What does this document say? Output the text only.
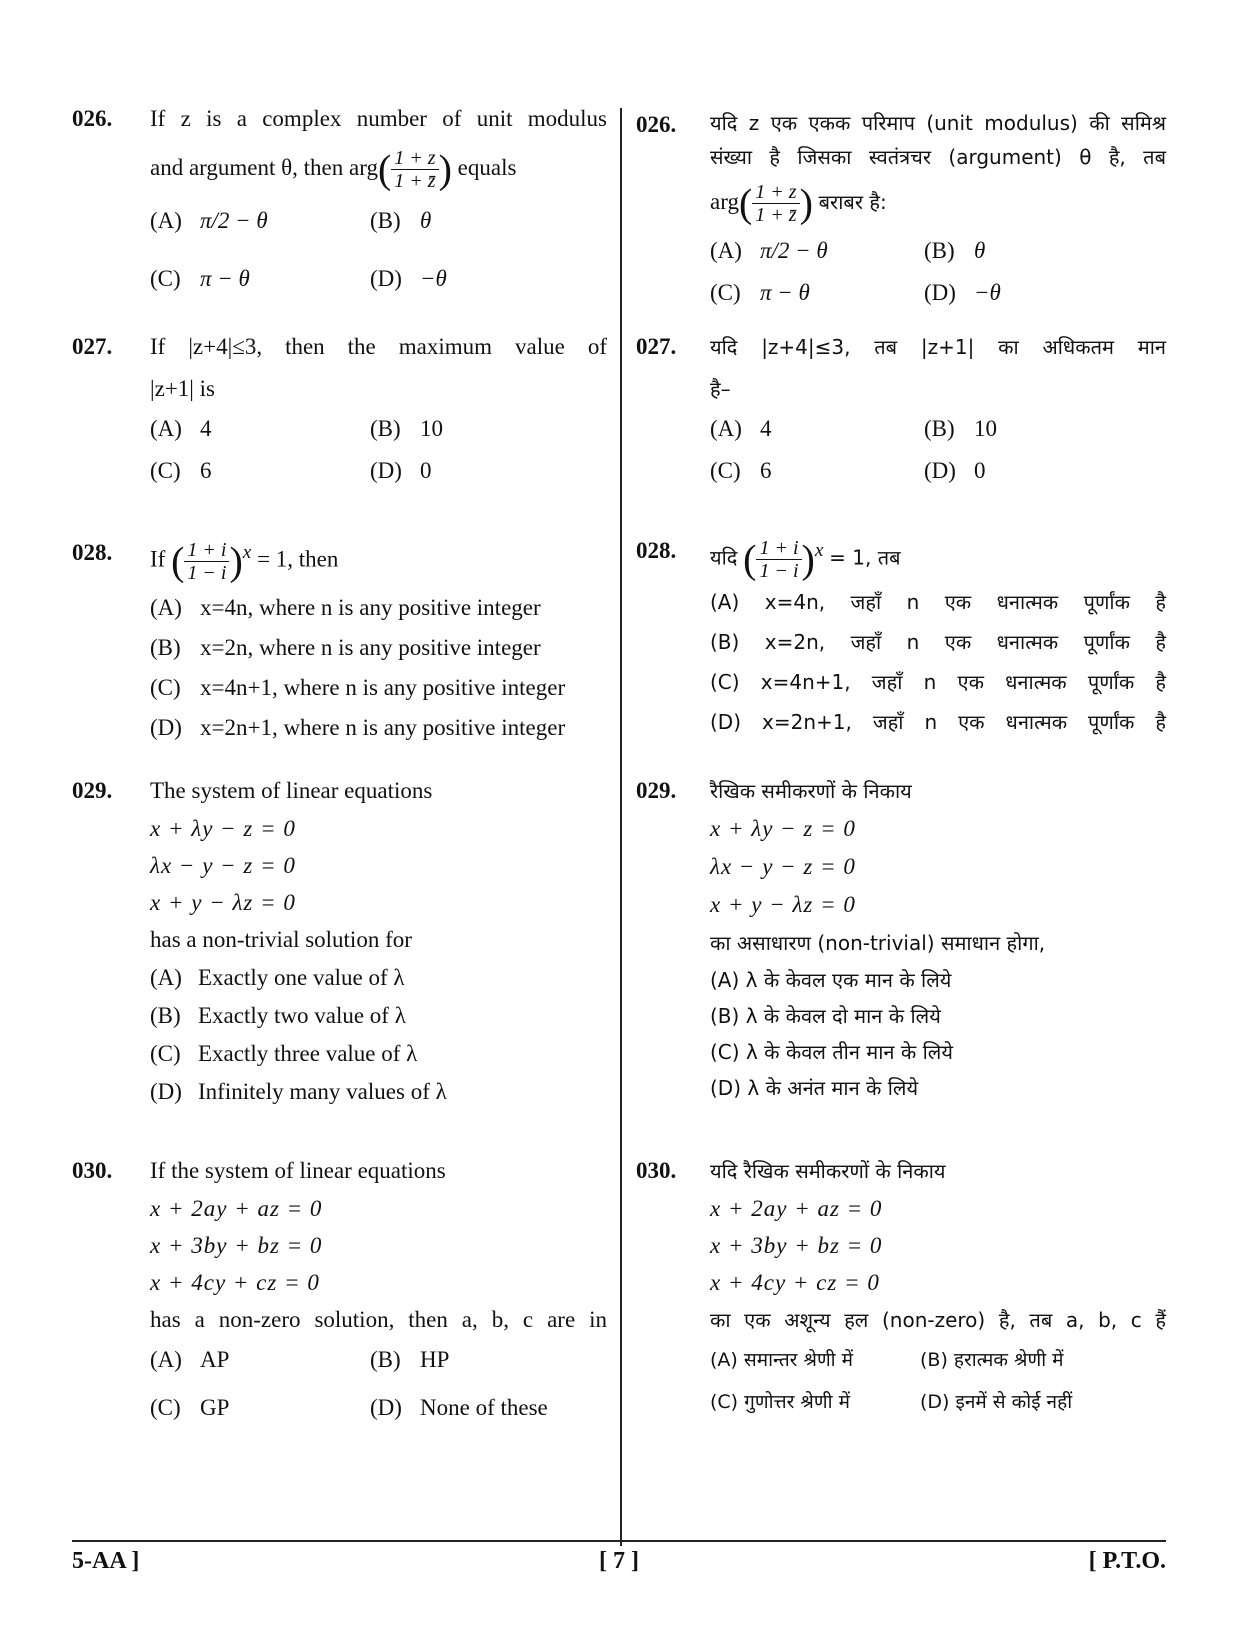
026. If z is a complex number of unit modulus
and argument θ, then $arg( \frac{1 + z}{1 + z̄}$ ) equals
(A) π/2 − θ	(B) θ
(C) π − θ	(D) −θ
027. If |z+4|≤3, then the maximum value of
|z+1| is
(A) 4	(B) 10
(C) 6	(D) 0
028. If ( $\frac{1 + i}{1 - i} )^x = 1$, then
(A) x=4n, where n is any positive integer
(B) x=2n, where n is any positive integer
(C) x=4n+1, where n is any positive integer
(D) x=2n+1, where n is any positive integer
029. The system of linear equations
x + λy − z = 0
λx − y − z = 0
x + y − λz = 0
has a non-trivial solution for
(A) Exactly one value of λ
(B) Exactly two value of λ
(C) Exactly three value of λ
(D) Infinitely many values of λ
030. If the system of linear equations
x + 2ay + az = 0
x + 3by + bz = 0
x + 4cy + cz = 0
has a non-zero solution, then a, b, c are in
(A) AP	(B) HP
(C) GP	(D) None of these
026. यदि z एक एकक परिमाप (unit modulus) की समिश्र
संख्या है जिसका स्वतंत्रचर (argument) θ है, तब
$arg( \frac{1 + z}{1 + z̄}$ ) बराबर है:
(A) π/2 − θ	(B) θ
(C) π − θ	(D) −θ
027. यदि |z+4|≤3, तब |z+1| का अधिकतम मान
है–
(A) 4	(B) 10
(C) 6	(D) 0
028. यदि ( $\frac{1 + i}{1 - i} )^x = 1$, तब
(A) x=4n, जहाँ n एक धनात्मक पूर्णांक है
(B) x=2n, जहाँ n एक धनात्मक पूर्णांक है
(C) x=4n+1, जहाँ n एक धनात्मक पूर्णांक है
(D) x=2n+1, जहाँ n एक धनात्मक पूर्णांक है
029. रैखिक समीकरणों के निकाय
x + λy − z = 0
λx − y − z = 0
x + y − λz = 0
का असाधारण (non-trivial) समाधान होगा,
(A) λ के केवल एक मान के लिये
(B) λ के केवल दो मान के लिये
(C) λ के केवल तीन मान के लिये
(D) λ के अनंत मान के लिये
030. यदि रैखिक समीकरणों के निकाय
x + 2ay + az = 0
x + 3by + bz = 0
x + 4cy + cz = 0
का एक अशून्य हल (non-zero) है, तब a, b, c हैं
(A) समान्तर श्रेणी में	(B) हरात्मक श्रेणी में
(C) गुणोत्तर श्रेणी में	(D) इनमें से कोई नहीं
5-AA ]	[ 7 ]	[ P.T.O.
